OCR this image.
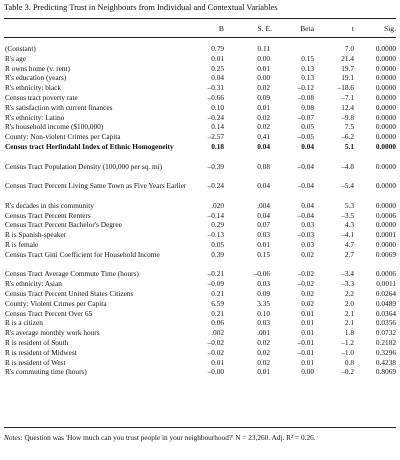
Table 3. Predicting Trust in Neighbours from Individual and Contextual Variables
B	S. E.	Beta	t	Sig.
(Constant)	0.79	0.11		7.0	0.0000
R's age	0.01	0.00	0.15	21.4	0.0000
R owns home (v. rent)	0.25	0.01	0.13	19.7	0.0000
R's education (years)	0.04	0.00	0.13	19.1	0.0000
R's ethnicity: black	–0.31	0.02	–0.12	–18.6	0.0000
Census tract poverty rate	–0.66	0.09	–0.08	–7.1	0.0000
R's satisfaction with current finances	0.10	0.01	0.08	12.4	0.0000
R's ethnicity: Latino	–0.24	0.02	–0.07	–9.8	0.0000
R's household income ($100,000)	0.14	0.02	0.05	7.5	0.0000
County: Non-violent Crimes per Capita	–2.57	0.41	–0.05	–6.2	0.0000

Census tract Herfindahl Index of Ethnic Homogeneity	0.18	0.04	0.04	5.1	0.0000

Census Tract Population Density (100,000 per sq. mi)	–0.39	0.08	–0.04	–4.8	0.0000

Census Tract Percent Living Same Town as Five Years Earlier	–0.24	0.04	–0.04	–5.4	0.0000
R's decades in this community	.020	.004	0.04	5.3	0.0000
Census Tract Percent Renters	–0.14	0.04	–0.04	–3.5	0.0006
Census Tract Percent Bachelor's Degree	0.29	0.07	0.03	4.3	0.0000
R is Spanish-speaker	–0.13	0.03	–0.03	–4.1	0.0001
R is female	0.05	0.01	0.03	4.7	0.0000

Census Tract Gini Coefficient for Household Income	0.39	0.15	0.02	2.7	0.0069
Census Tract Average Commute Time (hours)	–0.21	–0.06	–0.02	–3.4	0.0006
R's ethnicity: Asian	–0.09	0.03	–0.02	–3.3	0.0011
Census Tract Percent United States Citizens	0.21	0.09	0.02	2.2	0.0264
County: Violent Crimes per Capita	6.59	3.35	0.02	2.0	0.0489
Census Tract Percent Over 65	0.21	0.10	0.01	2.1	0.0364
R is a citizen	0.06	0.03	0.01	2.1	0.0356
R's average monthly work hours	.002	.001	0.01	1.8	0.0732
R is resident of South	–0.02	0.02	–0.01	–1.2	0.2182
R is resident of Midwest	–0.02	0.02	–0.01	–1.0	0.3296
R is resident of West	0.01	0.02	0.01	0.8	0.4238
R's commuting time (hours)	–0.00	0.01	0.00	–0.2	0.8069
Notes: Question was 'How much can you trust people in your neighbourhood?' N = 23,260. Adj. R² = 0.26.
